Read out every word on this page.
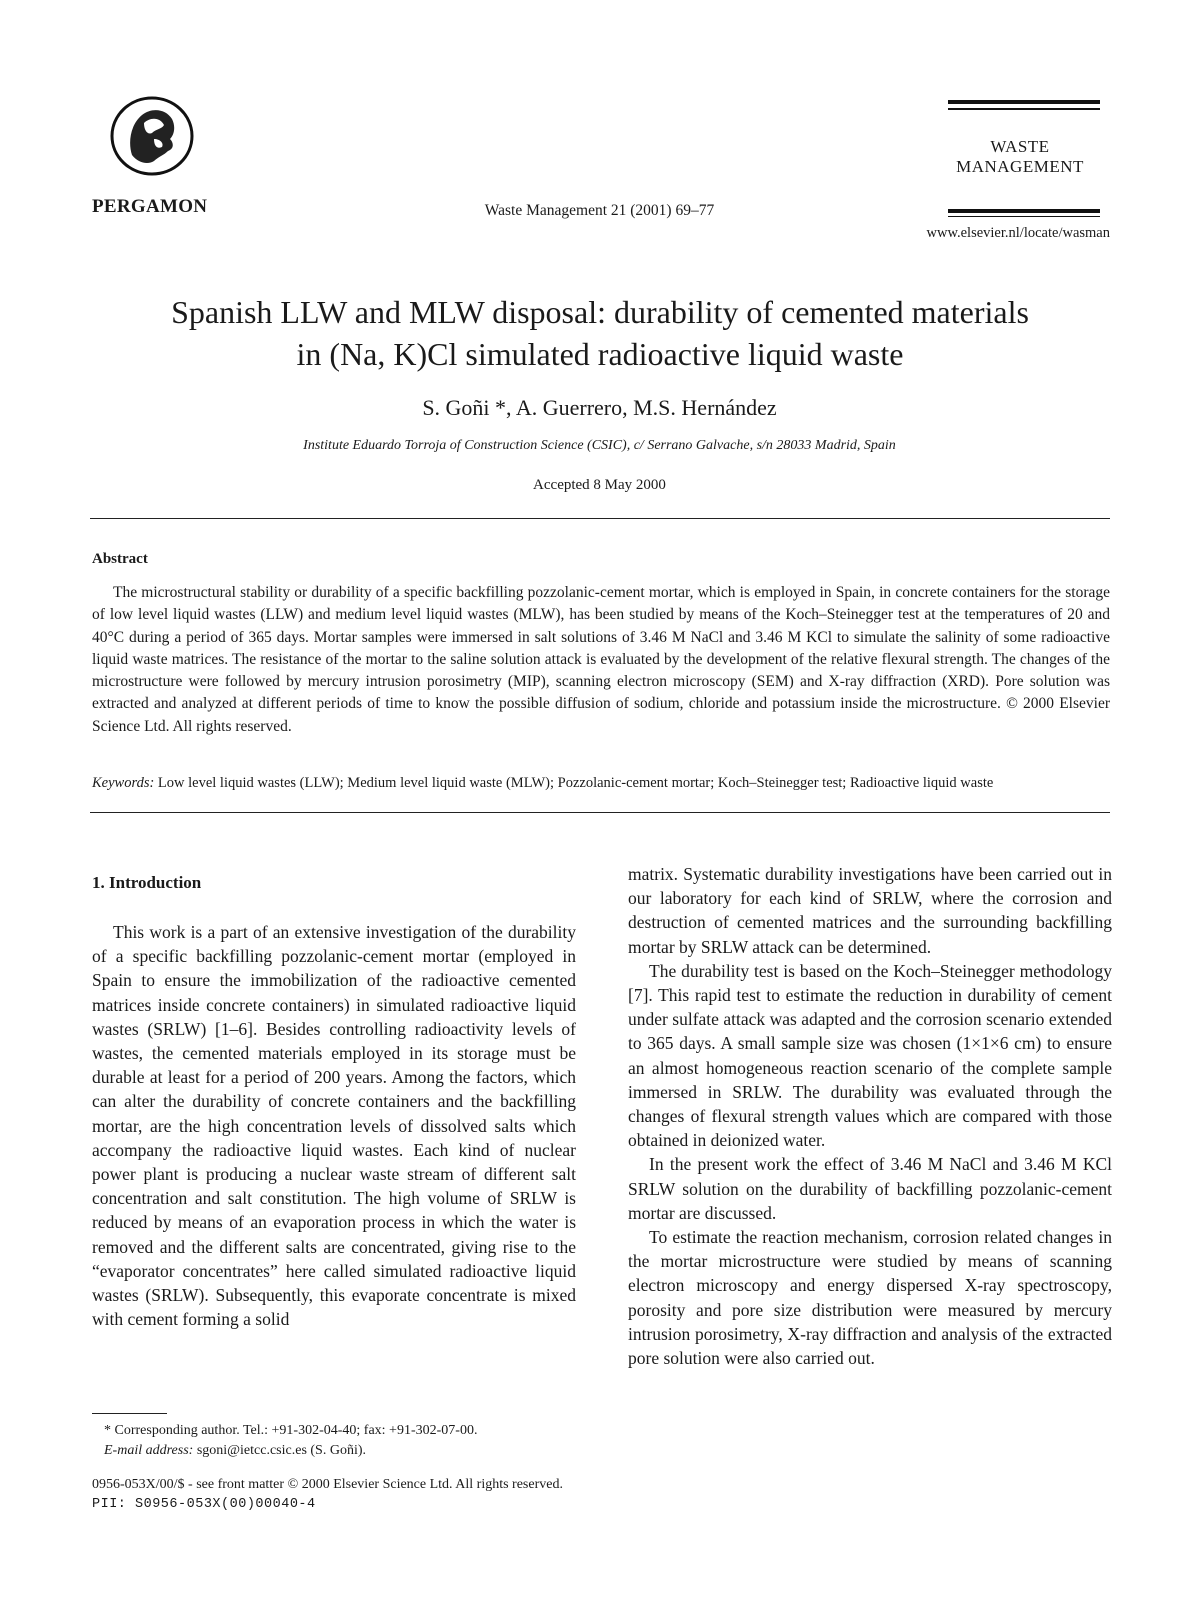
PERGAMON	Waste Management 21 (2001) 69–77
WASTE
MANAGEMENT
www.elsevier.nl/locate/wasman
Spanish LLW and MLW disposal: durability of cemented materials
in (Na, K)Cl simulated radioactive liquid waste
S. Goñi *, A. Guerrero, M.S. Hernández
Institute Eduardo Torroja of Construction Science (CSIC), c/ Serrano Galvache, s/n 28033 Madrid, Spain
Accepted 8 May 2000
Abstract
The microstructural stability or durability of a specific backfilling pozzolanic-cement mortar, which is employed in Spain, in concrete containers for the storage of low level liquid wastes (LLW) and medium level liquid wastes (MLW), has been studied by means of the Koch–Steinegger test at the temperatures of 20 and 40°C during a period of 365 days. Mortar samples were immersed in salt solutions of 3.46 M NaCl and 3.46 M KCl to simulate the salinity of some radioactive liquid waste matrices. The resistance of the mortar to the saline solution attack is evaluated by the development of the relative flexural strength. The changes of the microstructure were followed by mercury intrusion porosimetry (MIP), scanning electron microscopy (SEM) and X-ray diffraction (XRD). Pore solution was extracted and analyzed at different periods of time to know the possible diffusion of sodium, chloride and potassium inside the microstructure. © 2000 Elsevier Science Ltd. All rights reserved.
Keywords: Low level liquid wastes (LLW); Medium level liquid waste (MLW); Pozzolanic-cement mortar; Koch–Steinegger test; Radioactive liquid waste
1. Introduction

This work is a part of an extensive investigation of the durability of a specific backfilling pozzolanic-cement mortar (employed in Spain to ensure the immobilization of the radioactive cemented matrices inside concrete containers) in simulated radioactive liquid wastes (SRLW) [1–6]. Besides controlling radioactivity levels of wastes, the cemented materials employed in its storage must be durable at least for a period of 200 years. Among the factors, which can alter the durability of concrete containers and the backfilling mortar, are the high concentration levels of dissolved salts which accompany the radioactive liquid wastes. Each kind of nuclear power plant is producing a nuclear waste stream of different salt concentration and salt constitution. The high volume of SRLW is reduced by means of an evaporation process in which the water is removed and the different salts are concentrated, giving rise to the “evaporator concentrates” here called simulated radioactive liquid wastes (SRLW). Subsequently, this evaporate concentrate is mixed with cement forming a solid

matrix. Systematic durability investigations have been carried out in our laboratory for each kind of SRLW, where the corrosion and destruction of cemented matrices and the surrounding backfilling mortar by SRLW attack can be determined.

The durability test is based on the Koch–Steinegger methodology [7]. This rapid test to estimate the reduction in durability of cement under sulfate attack was adapted and the corrosion scenario extended to 365 days. A small sample size was chosen (1×1×6 cm) to ensure an almost homogeneous reaction scenario of the complete sample immersed in SRLW. The durability was evaluated through the changes of flexural strength values which are compared with those obtained in deionized water.

In the present work the effect of 3.46 M NaCl and 3.46 M KCl SRLW solution on the durability of backfilling pozzolanic-cement mortar are discussed.

To estimate the reaction mechanism, corrosion related changes in the mortar microstructure were studied by means of scanning electron microscopy and energy dispersed X-ray spectroscopy, porosity and pore size distribution were measured by mercury intrusion porosimetry, X-ray diffraction and analysis of the extracted pore solution were also carried out.

* Corresponding author. Tel.: +91-302-04-40; fax: +91-302-07-00.
E-mail address: sgoni@ietcc.csic.es (S. Goñi).
0956-053X/00/$ - see front matter © 2000 Elsevier Science Ltd. All rights reserved.
PII: S0956-053X(00)00040-4
